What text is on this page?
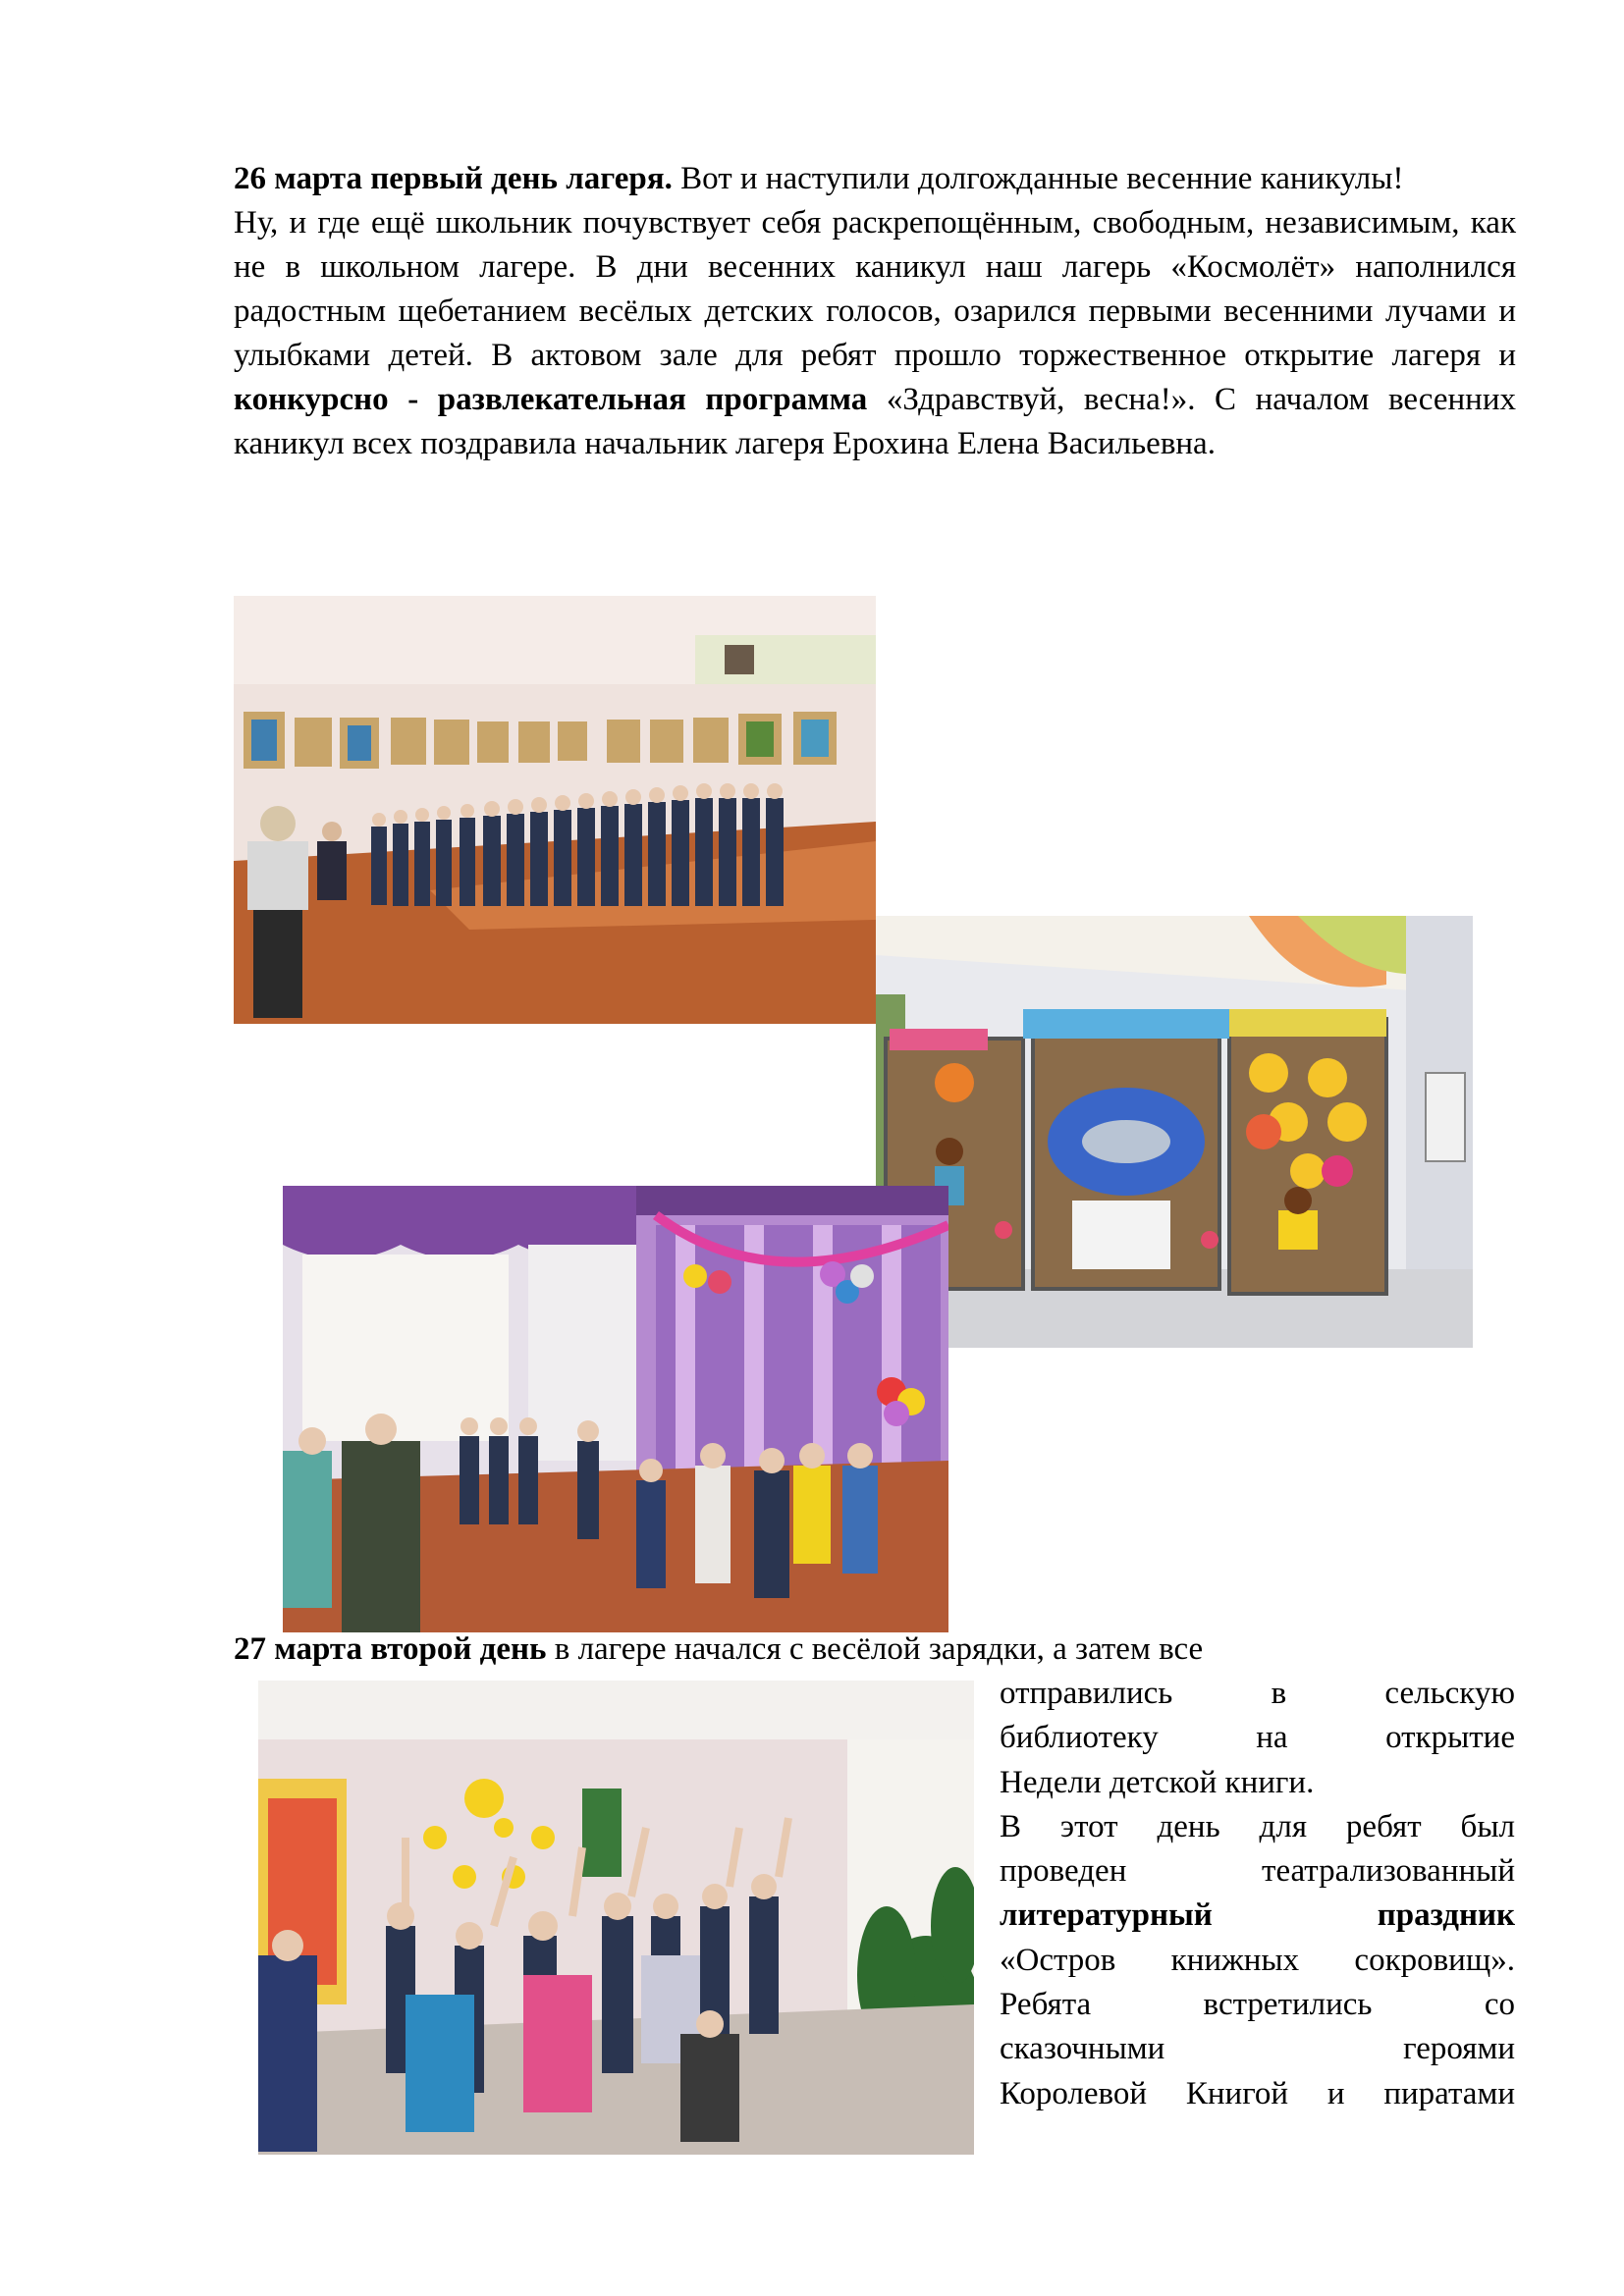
26 марта первый день лагеря. Вот и наступили долгожданные весенние каникулы!
Ну, и где ещё школьник почувствует себя раскрепощённым, свободным, независимым, как не в школьном лагере. В дни весенних каникул наш лагерь «Космолёт» наполнился радостным щебетанием весёлых детских голосов, озарился первыми весенними лучами и улыбками детей. В актовом зале для ребят прошло торжественное открытие лагеря и конкурсно - развлекательная программа «Здравствуй, весна!». С началом весенних каникул всех поздравила начальник лагеря Ерохина Елена Васильевна.

27 марта второй день в лагере начался с весёлой зарядки, а затем все

отправились в сельскую
библиотеку на открытие
Недели детской книги.
В этот день для ребят был
проведен театрализованный
литературный праздник
«Остров книжных сокровищ».
Ребята встретились со
сказочными героями
Королевой Книгой и пиратами
